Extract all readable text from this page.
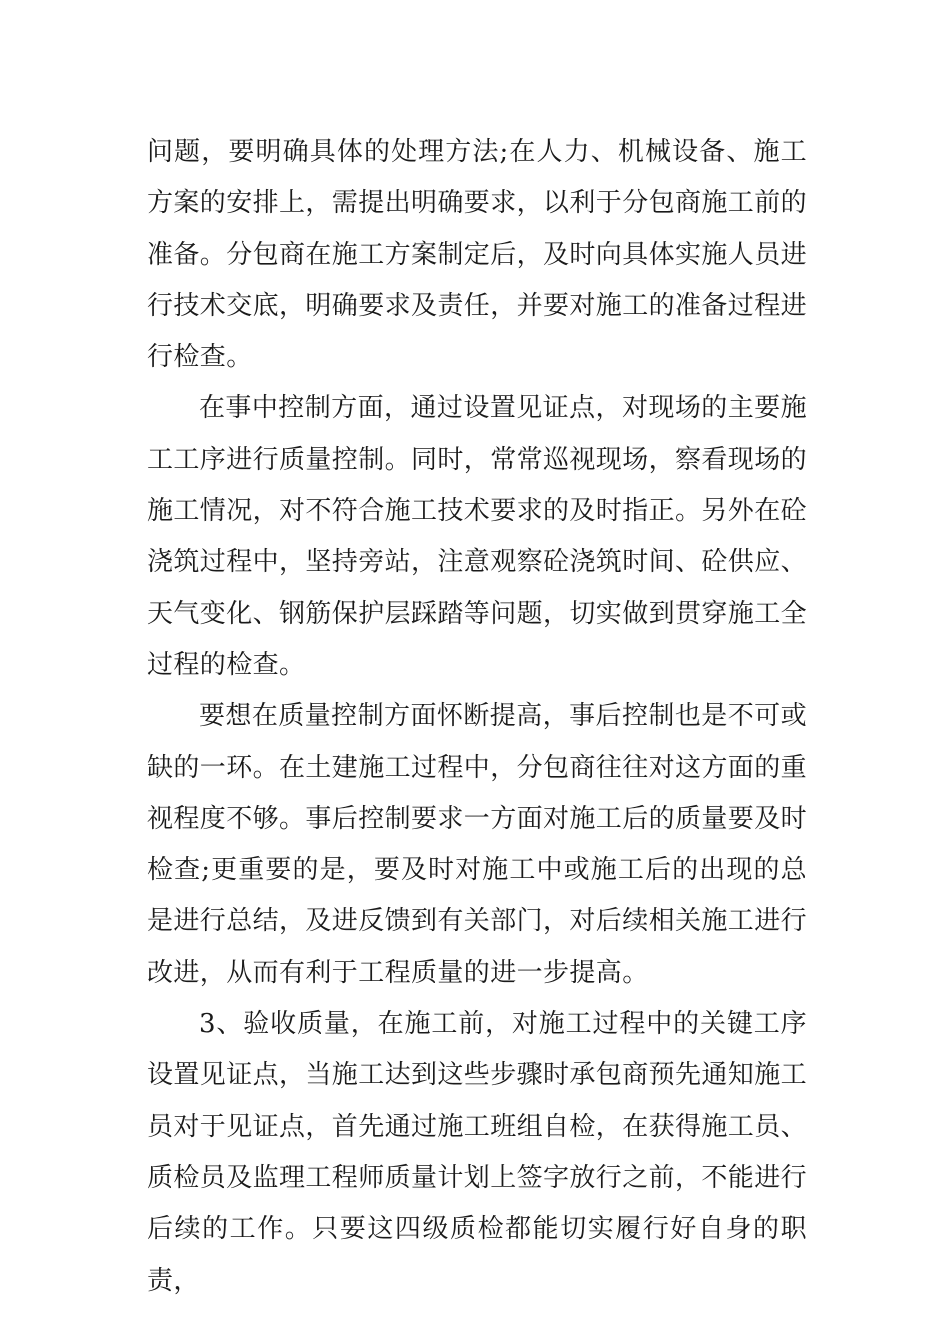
问题，要明确具体的处理方法;在人力、机械设备、施工方案的安排上，需提出明确要求，以利于分包商施工前的准备。分包商在施工方案制定后，及时向具体实施人员进行技术交底，明确要求及责任，并要对施工的准备过程进行检查。

在事中控制方面，通过设置见证点，对现场的主要施工工序进行质量控制。同时，常常巡视现场，察看现场的施工情况，对不符合施工技术要求的及时指正。另外在砼浇筑过程中，坚持旁站，注意观察砼浇筑时间、砼供应、天气变化、钢筋保护层踩踏等问题，切实做到贯穿施工全过程的检查。

要想在质量控制方面怀断提高，事后控制也是不可或缺的一环。在土建施工过程中，分包商往往对这方面的重视程度不够。事后控制要求一方面对施工后的质量要及时检查;更重要的是，要及时对施工中或施工后的出现的总是进行总结，及进反馈到有关部门，对后续相关施工进行改进，从而有利于工程质量的进一步提高。

3、验收质量，在施工前，对施工过程中的关键工序设置见证点，当施工达到这些步骤时承包商预先通知施工员对于见证点，首先通过施工班组自检，在获得施工员、质检员及监理工程师质量计划上签字放行之前，不能进行后续的工作。只要这四级质检都能切实履行好自身的职责，
